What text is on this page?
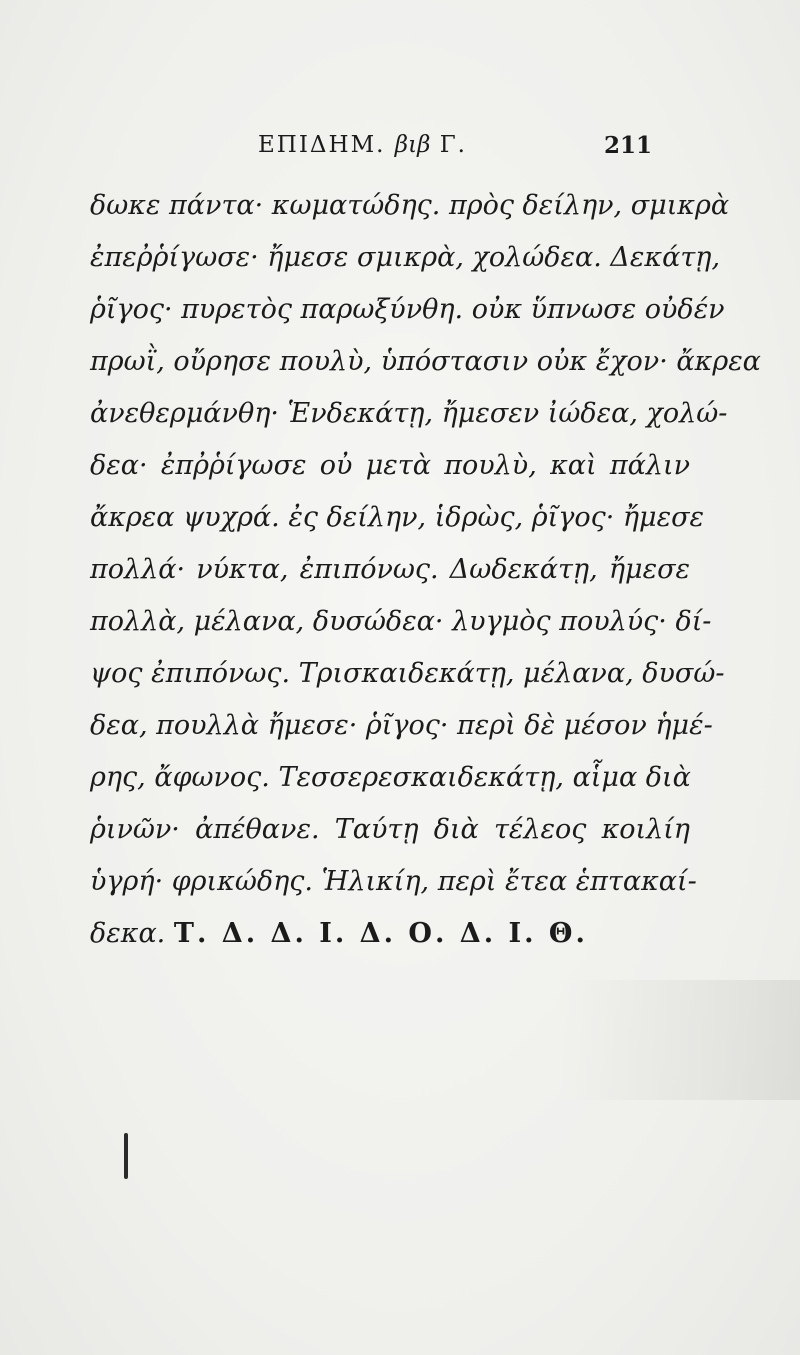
ΕΠΙΔΗΜ. βιβ Γ.	211
δωκε πάντα· κωματώδης. πρὸς δείλην, σμικρὰ
ἐπεῤῥίγωσε· ἤμεσε σμικρὰ, χολώδεα. Δεκάτῃ,
ῥῖγος· πυρετὸς παρωξύνθη. οὐκ ὕπνωσε οὐδέν
πρωῒ, οὔρησε πουλὺ, ὑπόστασιν οὐκ ἔχον· ἄκρεα
ἀνεθερμάνθη· Ἑνδεκάτῃ, ἤμεσεν ἰώδεα, χολώ-
δεα· ἐπῤῥίγωσε οὐ μετὰ πουλὺ, καὶ πάλιν
ἄκρεα ψυχρά. ἐς δείλην, ἱδρὼς, ῥῖγος· ἤμεσε
πολλά· νύκτα, ἐπιπόνως. Δωδεκάτῃ, ἤμεσε
πολλὰ, μέλανα, δυσώδεα· λυγμὸς πουλύς· δί-
ψος ἐπιπόνως. Τρισκαιδεκάτῃ, μέλανα, δυσώ-
δεα, πουλλὰ ἤμεσε· ῥῖγος· περὶ δὲ μέσον ἡμέ-
ρης, ἄφωνος. Τεσσερεσκαιδεκάτῃ, αἷμα διὰ
ῥινῶν· ἀπέθανε. Ταύτῃ διὰ τέλεος κοιλίη
ὑγρή· φρικώδης. Ἡλικίη, περὶ ἔτεα ἑπτακαί-
δεκα. Τ. Δ. Δ. Ι. Δ. Ο. Δ. Ι. Θ.
